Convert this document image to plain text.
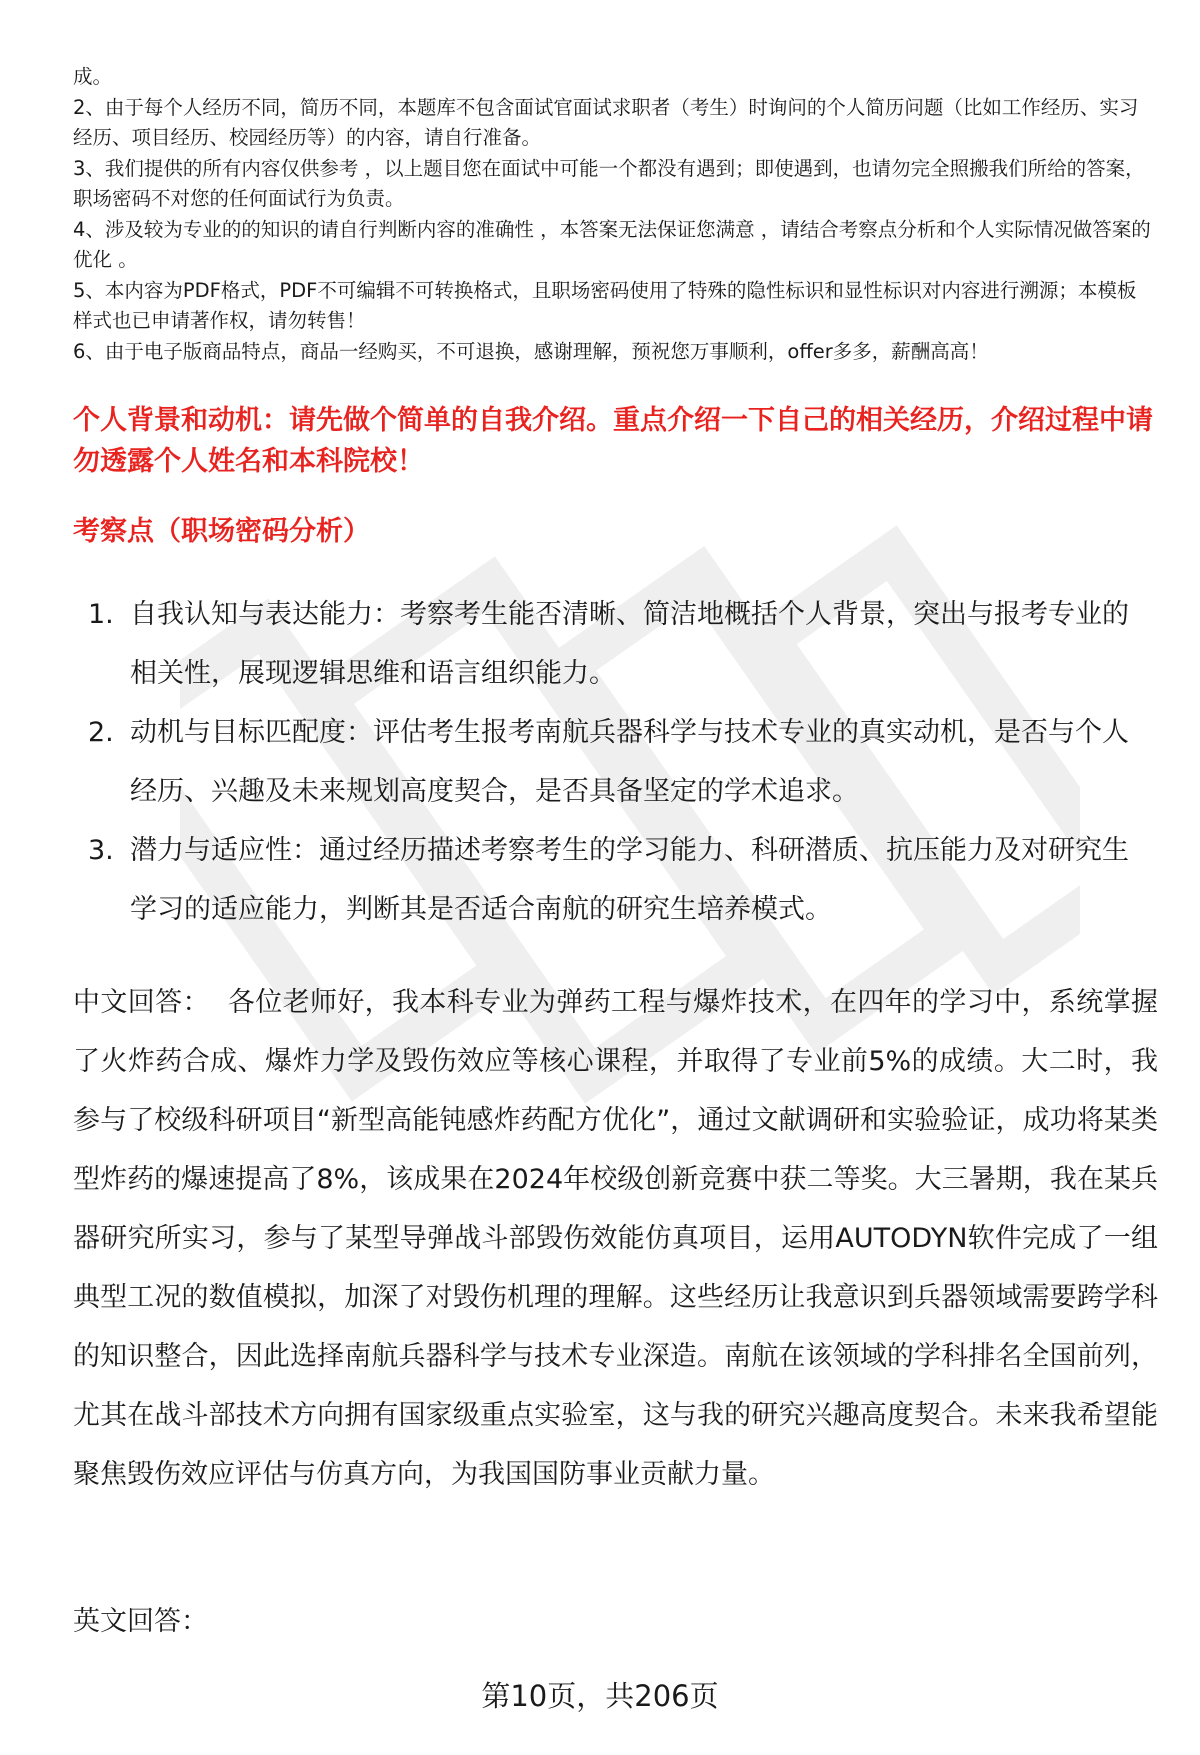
成。

2、由于每个人经历不同，简历不同，本题库不包含面试官面试求职者（考生）时询问的个人简历问题（比如工作经历、实习经历、项目经历、校园经历等）的内容，请自行准备。

3、我们提供的所有内容仅供参考 ，以上题目您在面试中可能一个都没有遇到；即使遇到，也请勿完全照搬我们所给的答案，职场密码不对您的任何面试行为负责。

4、涉及较为专业的的知识的请自行判断内容的准确性 ，本答案无法保证您满意 ，请结合考察点分析和个人实际情况做答案的优化 。

5、本内容为PDF格式，PDF不可编辑不可转换格式，且职场密码使用了特殊的隐性标识和显性标识对内容进行溯源；本模板样式也已申请著作权，请勿转售！

6、由于电子版商品特点，商品一经购买，不可退换，感谢理解，预祝您万事顺利，offer多多，薪酬高高！

个人背景和动机：请先做个简单的自我介绍。重点介绍一下自己的相关经历，介绍过程中请勿透露个人姓名和本科院校！
考察点（职场密码分析）
1. 自我认知与表达能力：考察考生能否清晰、简洁地概括个人背景，突出与报考专业的相关性，展现逻辑思维和语言组织能力。
2. 动机与目标匹配度：评估考生报考南航兵器科学与技术专业的真实动机，是否与个人经历、兴趣及未来规划高度契合，是否具备坚定的学术追求。
3. 潜力与适应性：通过经历描述考察考生的学习能力、科研潜质、抗压能力及对研究生学习的适应能力，判断其是否适合南航的研究生培养模式。
中文回答： 各位老师好，我本科专业为弹药工程与爆炸技术，在四年的学习中，系统掌握了火炸药合成、爆炸力学及毁伤效应等核心课程，并取得了专业前5%的成绩。大二时，我参与了校级科研项目“新型高能钝感炸药配方优化”，通过文献调研和实验验证，成功将某类型炸药的爆速提高了8%，该成果在2024年校级创新竞赛中获二等奖。大三暑期，我在某兵器研究所实习，参与了某型导弹战斗部毁伤效能仿真项目，运用AUTODYN软件完成了一组典型工况的数值模拟，加深了对毁伤机理的理解。这些经历让我意识到兵器领域需要跨学科的知识整合，因此选择南航兵器科学与技术专业深造。南航在该领域的学科排名全国前列，尤其在战斗部技术方向拥有国家级重点实验室，这与我的研究兴趣高度契合。未来我希望能聚焦毁伤效应评估与仿真方向，为我国国防事业贡献力量。
英文回答：
第10页，共206页
